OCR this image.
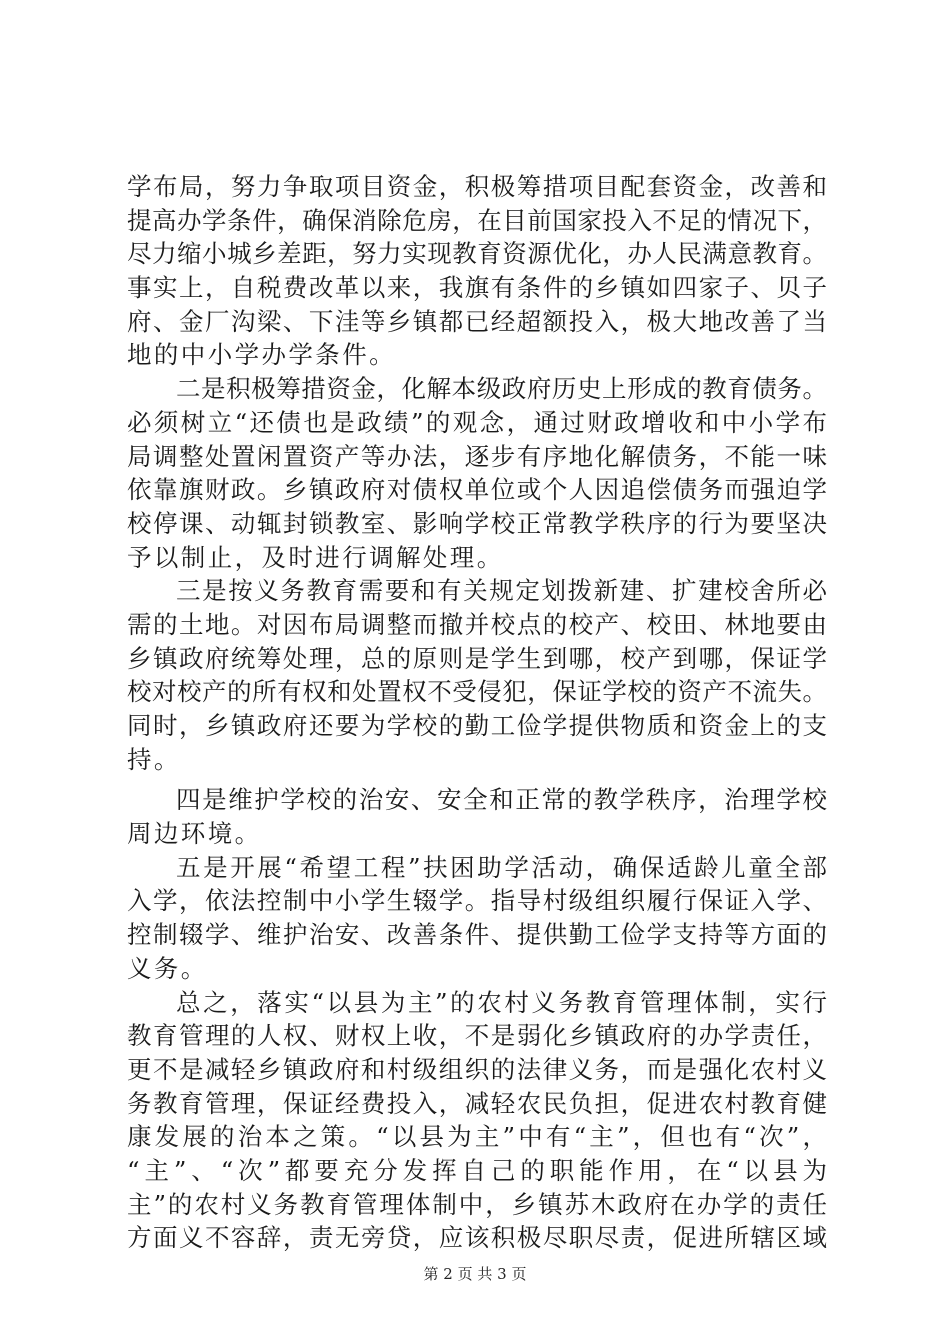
学布局，努力争取项目资金，积极筹措项目配套资金，改善和
提高办学条件，确保消除危房，在目前国家投入不足的情况下，
尽力缩小城乡差距，努力实现教育资源优化，办人民满意教育。
事实上，自税费改革以来，我旗有条件的乡镇如四家子、贝子
府、金厂沟梁、下洼等乡镇都已经超额投入，极大地改善了当
地的中小学办学条件。
二是积极筹措资金，化解本级政府历史上形成的教育债务。
必须树立“还债也是政绩”的观念，通过财政增收和中小学布
局调整处置闲置资产等办法，逐步有序地化解债务，不能一味
依靠旗财政。乡镇政府对债权单位或个人因追偿债务而强迫学
校停课、动辄封锁教室、影响学校正常教学秩序的行为要坚决
予以制止，及时进行调解处理。
三是按义务教育需要和有关规定划拨新建、扩建校舍所必
需的土地。对因布局调整而撤并校点的校产、校田、林地要由
乡镇政府统筹处理，总的原则是学生到哪，校产到哪，保证学
校对校产的所有权和处置权不受侵犯，保证学校的资产不流失。
同时，乡镇政府还要为学校的勤工俭学提供物质和资金上的支
持。
四是维护学校的治安、安全和正常的教学秩序，治理学校
周边环境。
五是开展“希望工程”扶困助学活动，确保适龄儿童全部
入学，依法控制中小学生辍学。指导村级组织履行保证入学、
控制辍学、维护治安、改善条件、提供勤工俭学支持等方面的
义务。
总之，落实“以县为主”的农村义务教育管理体制，实行
教育管理的人权、财权上收，不是弱化乡镇政府的办学责任，
更不是减轻乡镇政府和村级组织的法律义务，而是强化农村义
务教育管理，保证经费投入，减轻农民负担，促进农村教育健
康发展的治本之策。“以县为主”中有“主”，但也有“次”，
“主”、“次”都要充分发挥自己的职能作用，在“以县为
主”的农村义务教育管理体制中，乡镇苏木政府在办学的责任
方面义不容辞，责无旁贷，应该积极尽职尽责，促进所辖区域
第 2 页 共 3 页
